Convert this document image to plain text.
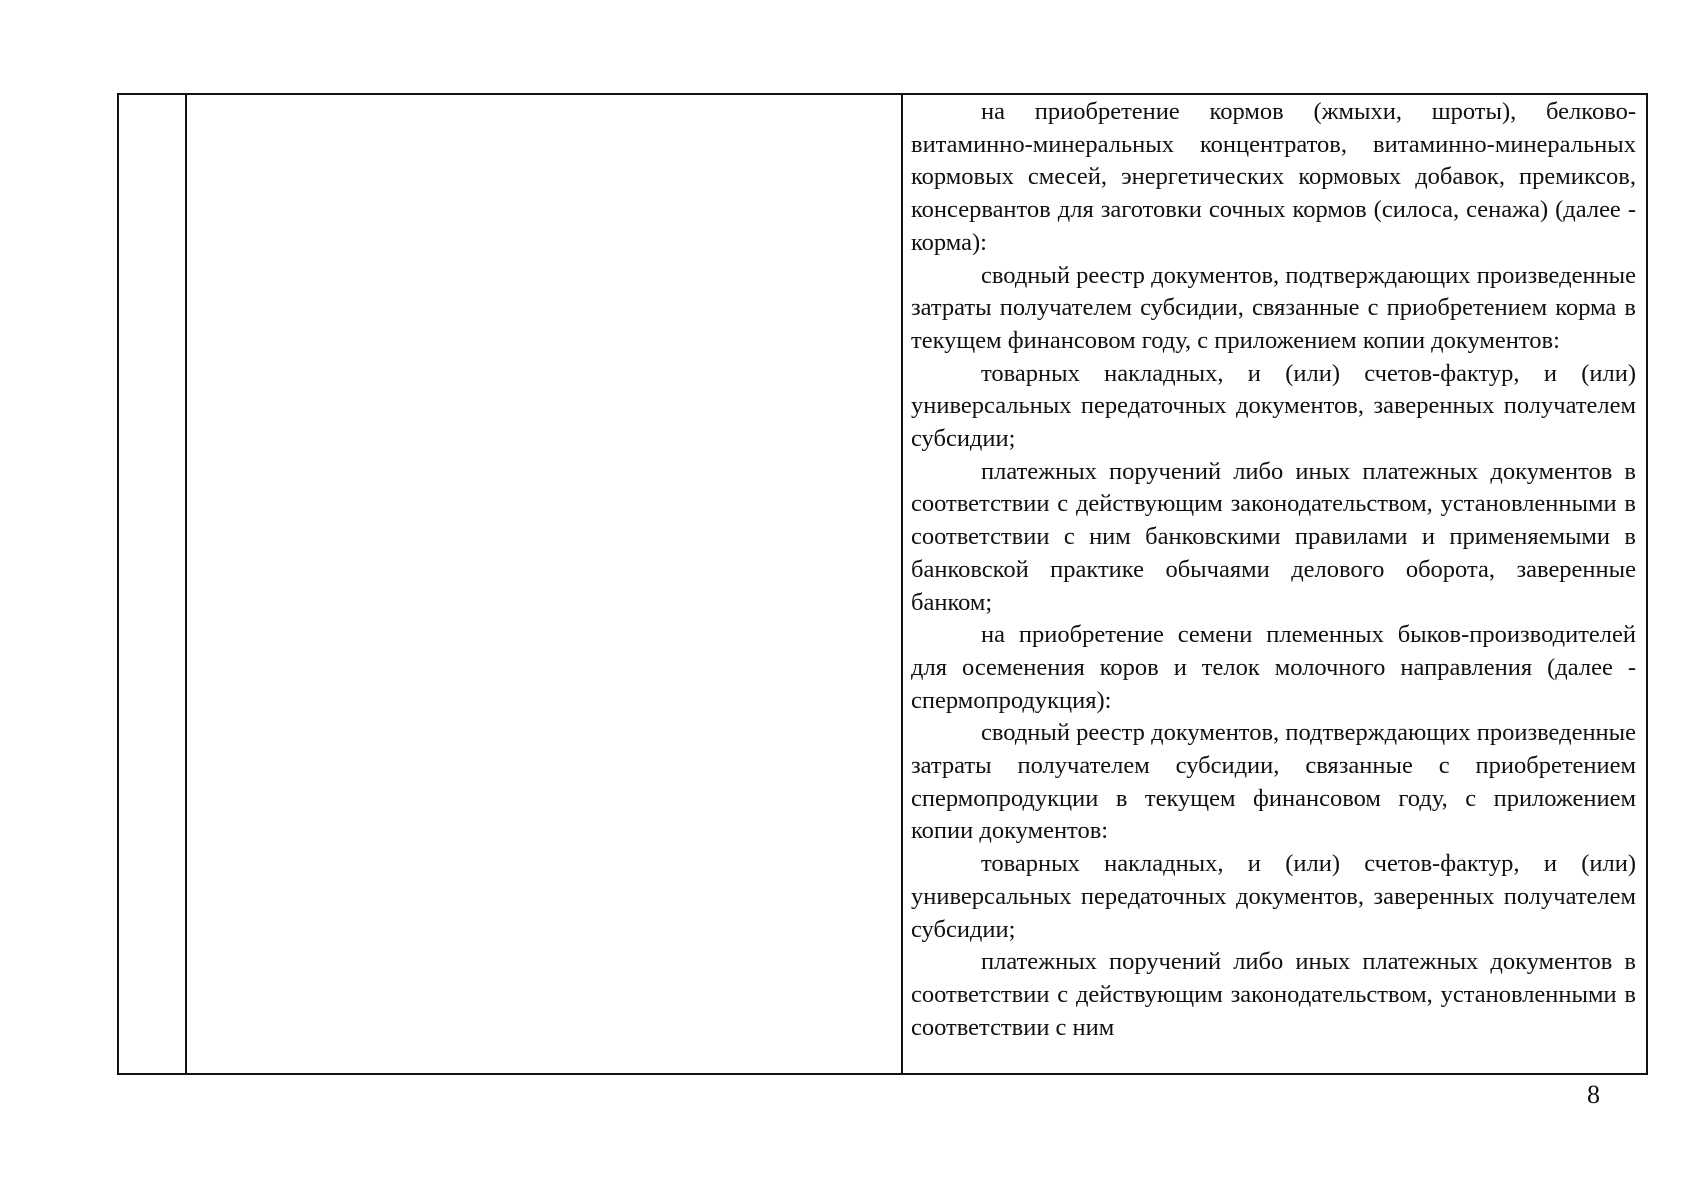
на приобретение кормов (жмыхи, шроты), белково-витаминно-минеральных концентратов, витаминно-минеральных кормовых смесей, энергетических кормовых добавок, премиксов, консервантов для заготовки сочных кормов (силоса, сенажа) (далее - корма):

сводный реестр документов, подтверждающих произведенные затраты получателем субсидии, связанные с приобретением корма в текущем финансовом году, с приложением копии документов:

товарных накладных, и (или) счетов-фактур, и (или) универсальных передаточных документов, заверенных получателем субсидии;

платежных поручений либо иных платежных документов в соответствии с действующим законодательством, установленными в соответствии с ним банковскими правилами и применяемыми в банковской практике обычаями делового оборота, заверенные банком;

на приобретение семени племенных быков-производителей для осеменения коров и телок молочного направления (далее - спермопродукция):

сводный реестр документов, подтверждающих произведенные затраты получателем субсидии, связанные с приобретением спермопродукции в текущем финансовом году, с приложением копии документов:

товарных накладных, и (или) счетов-фактур, и (или) универсальных передаточных документов, заверенных получателем субсидии;

платежных поручений либо иных платежных документов в соответствии с действующим законодательством, установленными в соответствии с ним

8
